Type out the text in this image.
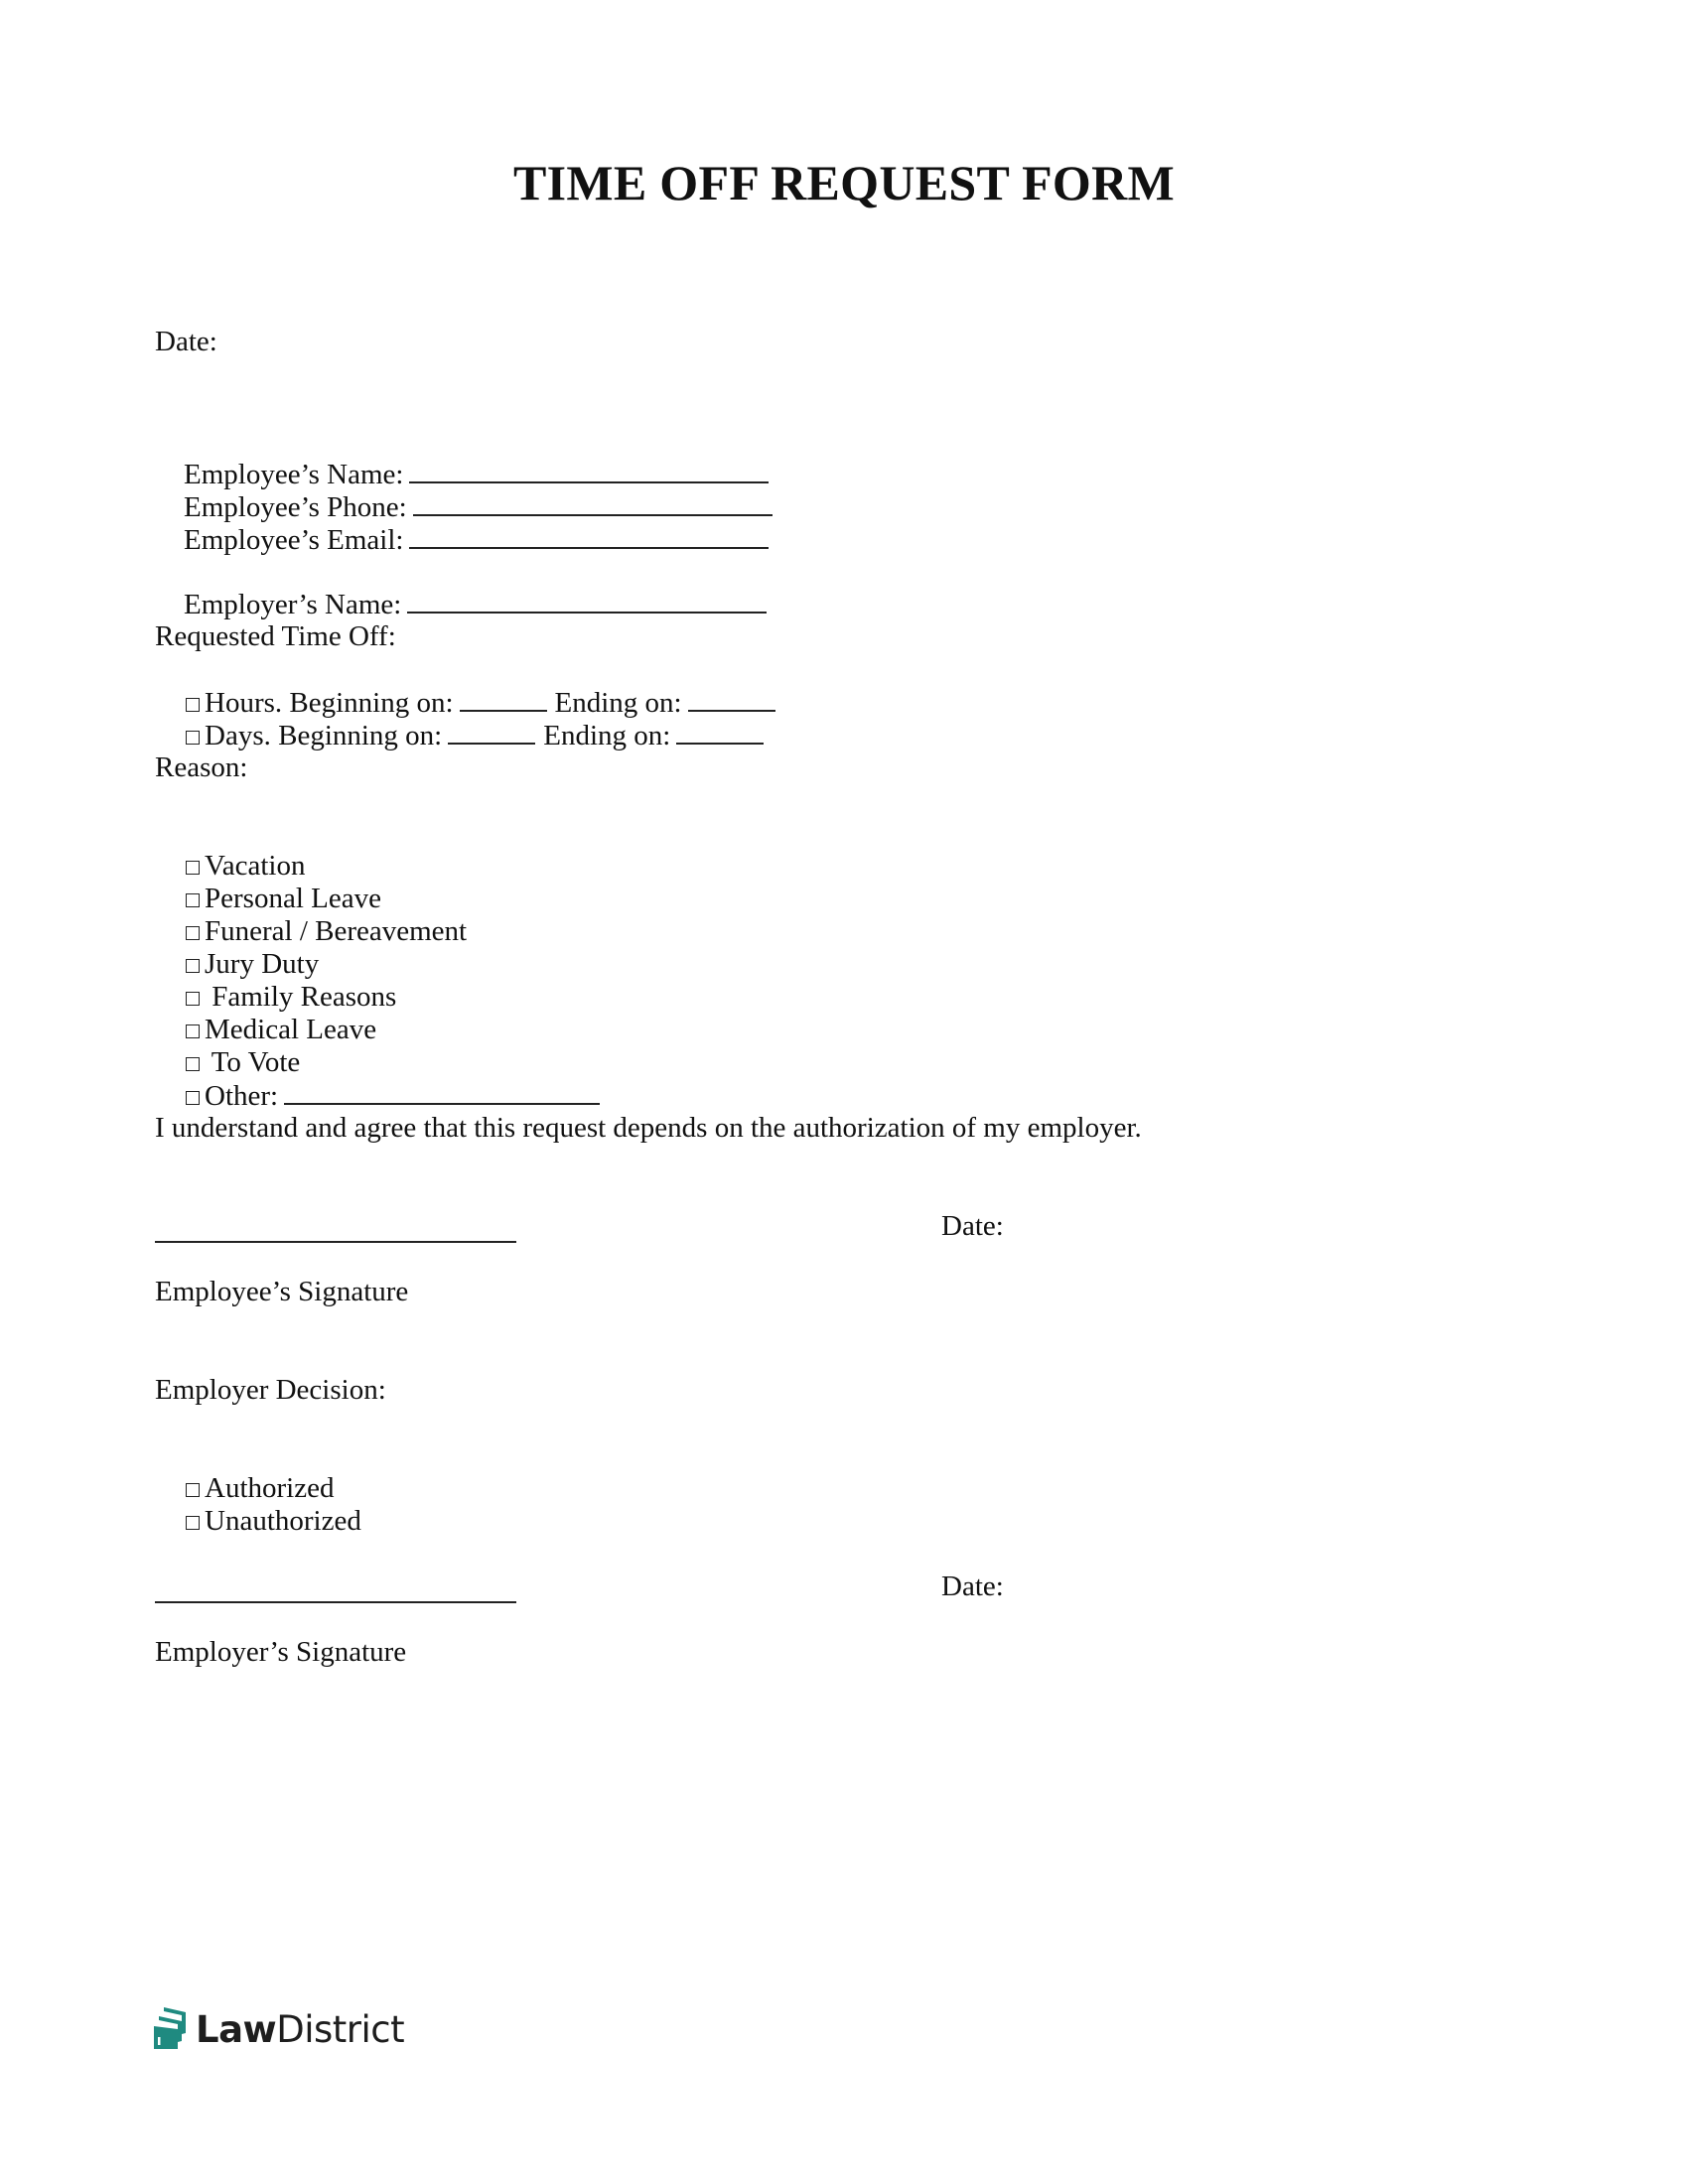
TIME OFF REQUEST FORM
Date:

Employee’s Name:

Employee’s Phone:

Employee’s Email:

Employer’s Name:

Requested Time Off:

Hours. Beginning on:	Ending on:

Days. Beginning on:	Ending on:

Reason:

Vacation

Personal Leave

Funeral / Bereavement

Jury Duty

Family Reasons

Medical Leave

To Vote

Other:

I understand and agree that this request depends on the authorization of my employer.
Date:
Employee’s Signature
Employer Decision:

Authorized

Unauthorized

Date:
Employer’s Signature
LawDistrict
